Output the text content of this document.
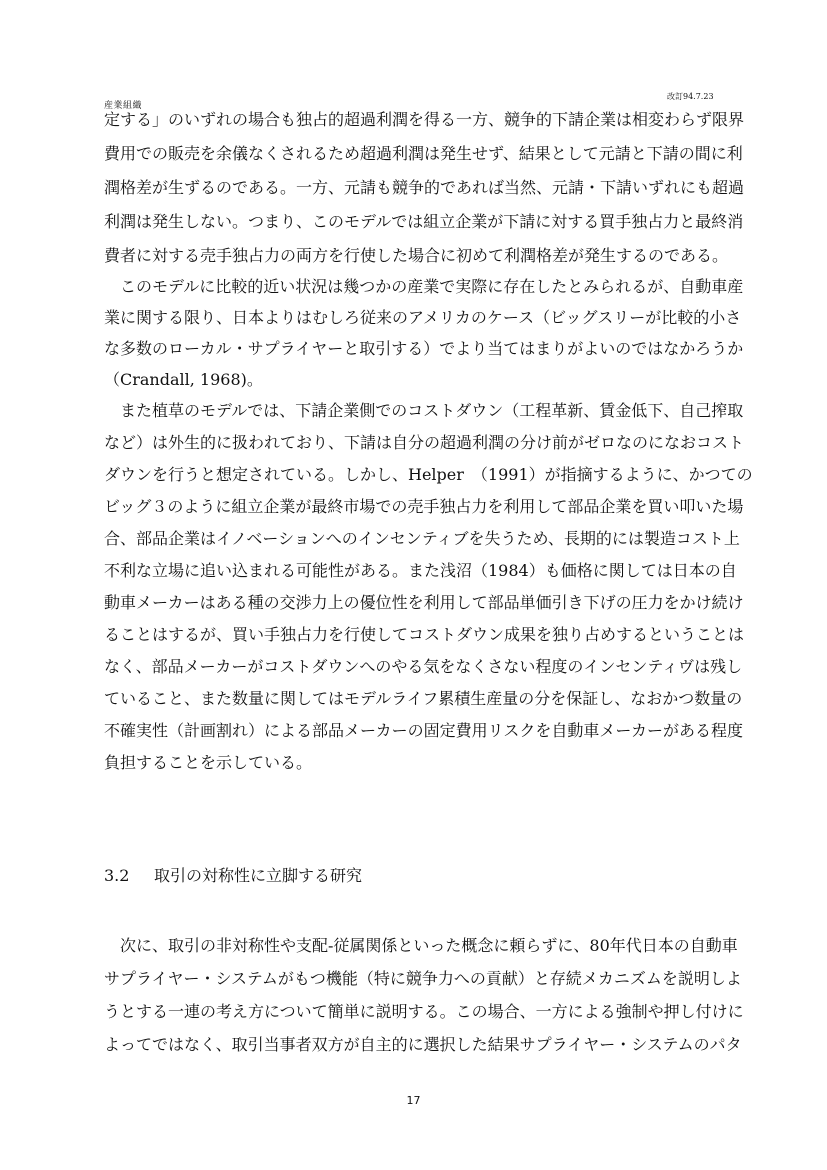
産業組織
改訂94.7.23
定する」のいずれの場合も独占的超過利潤を得る一方、競争的下請企業は相変わらず限界
費用での販売を余儀なくされるため超過利潤は発生せず、結果として元請と下請の間に利
潤格差が生ずるのである。一方、元請も競争的であれば当然、元請・下請いずれにも超過
利潤は発生しない。つまり、このモデルでは組立企業が下請に対する買手独占力と最終消
費者に対する売手独占力の両方を行使した場合に初めて利潤格差が発生するのである。
このモデルに比較的近い状況は幾つかの産業で実際に存在したとみられるが、自動車産
業に関する限り、日本よりはむしろ従来のアメリカのケース（ビッグスリーが比較的小さ
な多数のローカル・サプライヤーと取引する）でより当てはまりがよいのではなかろうか
（Crandall, 1968)。
また植草のモデルでは、下請企業側でのコストダウン（工程革新、賃金低下、自己搾取
など）は外生的に扱われており、下請は自分の超過利潤の分け前がゼロなのになおコスト
ダウンを行うと想定されている。しかし、Helper　（1991）が指摘するように、かつての
ビッグ３のように組立企業が最終市場での売手独占力を利用して部品企業を買い叩いた場
合、部品企業はイノベーションへのインセンティブを失うため、長期的には製造コスト上
不利な立場に追い込まれる可能性がある。また浅沼（1984）も価格に関しては日本の自
動車メーカーはある種の交渉力上の優位性を利用して部品単価引き下げの圧力をかけ続け
ることはするが、買い手独占力を行使してコストダウン成果を独り占めするということは
なく、部品メーカーがコストダウンへのやる気をなくさない程度のインセンティヴは残し
ていること、また数量に関してはモデルライフ累積生産量の分を保証し、なおかつ数量の
不確実性（計画割れ）による部品メーカーの固定費用リスクを自動車メーカーがある程度
負担することを示している。
3.2 取引の対称性に立脚する研究
次に、取引の非対称性や支配-従属関係といった概念に頼らずに、80年代日本の自動車
サプライヤー・システムがもつ機能（特に競争力への貢献）と存続メカニズムを説明しよ
うとする一連の考え方について簡単に説明する。この場合、一方による強制や押し付けに
よってではなく、取引当事者双方が自主的に選択した結果サプライヤー・システムのパタ
17
